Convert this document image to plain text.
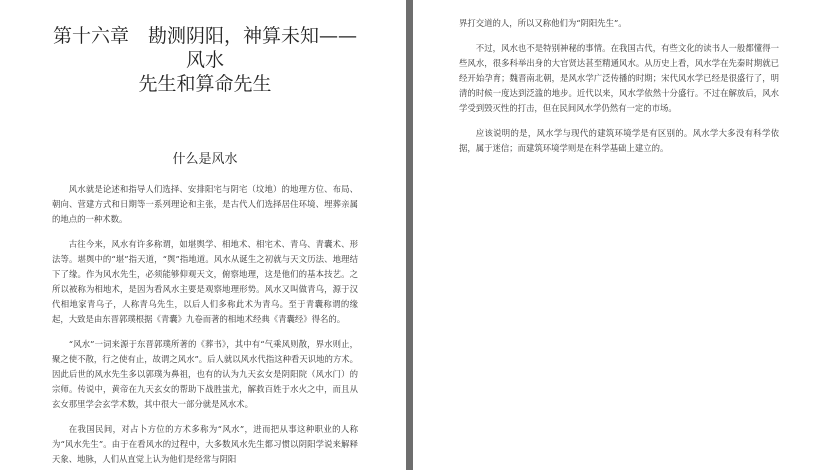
第十六章　勘测阴阳，神算未知——风水
先生和算命先生
什么是风水

风水就是论述和指导人们选择、安排阳宅与阴宅（坟地）的地理方位、布局、朝向、营建方式和日期等一系列理论和主张，是古代人们选择居住环境、埋葬亲属的地点的一种术数。

古往今来，风水有许多称谓，如堪舆学、相地术、相宅术、青乌、青囊术、形法等。堪舆中的“堪”指天道，“舆”指地道。风水从诞生之初就与天文历法、地理结下了缘。作为风水先生，必须能够仰观天文，俯察地理，这是他们的基本技艺。之所以被称为相地术，是因为看风水主要是观察地理形势。风水又叫做青乌，源于汉代相地家青乌子，人称青乌先生，以后人们多称此术为青乌。至于青囊称谓的缘起，大致是由东晋郭璞根据《青囊》九卷而著的相地术经典《青囊经》得名的。

“风水”一词来源于东晋郭璞所著的《葬书》，其中有“气乘风则散，界水则止，聚之使不散，行之使有止，故谓之风水”。后人就以风水代指这种看天识地的方术。因此后世的风水先生多以郭璞为鼻祖，也有的认为九天玄女是阴阳院（风水门）的宗师。传说中，黄帝在九天玄女的帮助下战胜蚩尤，解救百姓于水火之中，而且从玄女那里学会玄学术数，其中很大一部分就是风水术。

在我国民间，对占卜方位的方术多称为“风水”，进而把从事这种职业的人称为“风水先生”。由于在看风水的过程中，大多数风水先生都习惯以阴阳学说来解释天象、地脉，人们从直觉上认为他们是经常与阴阳

界打交道的人，所以又称他们为“阴阳先生”。

不过，风水也不是特别神秘的事情。在我国古代，有些文化的读书人一般都懂得一些风水，很多科举出身的大官贤达甚至精通风水。从历史上看，风水学在先秦时期就已经开始孕育；魏晋南北朝，是风水学广泛传播的时期；宋代风水学已经是很盛行了，明清的时候一度达到泛滥的地步。近代以来，风水学依然十分盛行。不过在解放后，风水学受到毁灭性的打击，但在民间风水学仍然有一定的市场。

应该说明的是，风水学与现代的建筑环境学是有区别的。风水学大多没有科学依据，属于迷信；而建筑环境学则是在科学基础上建立的。
